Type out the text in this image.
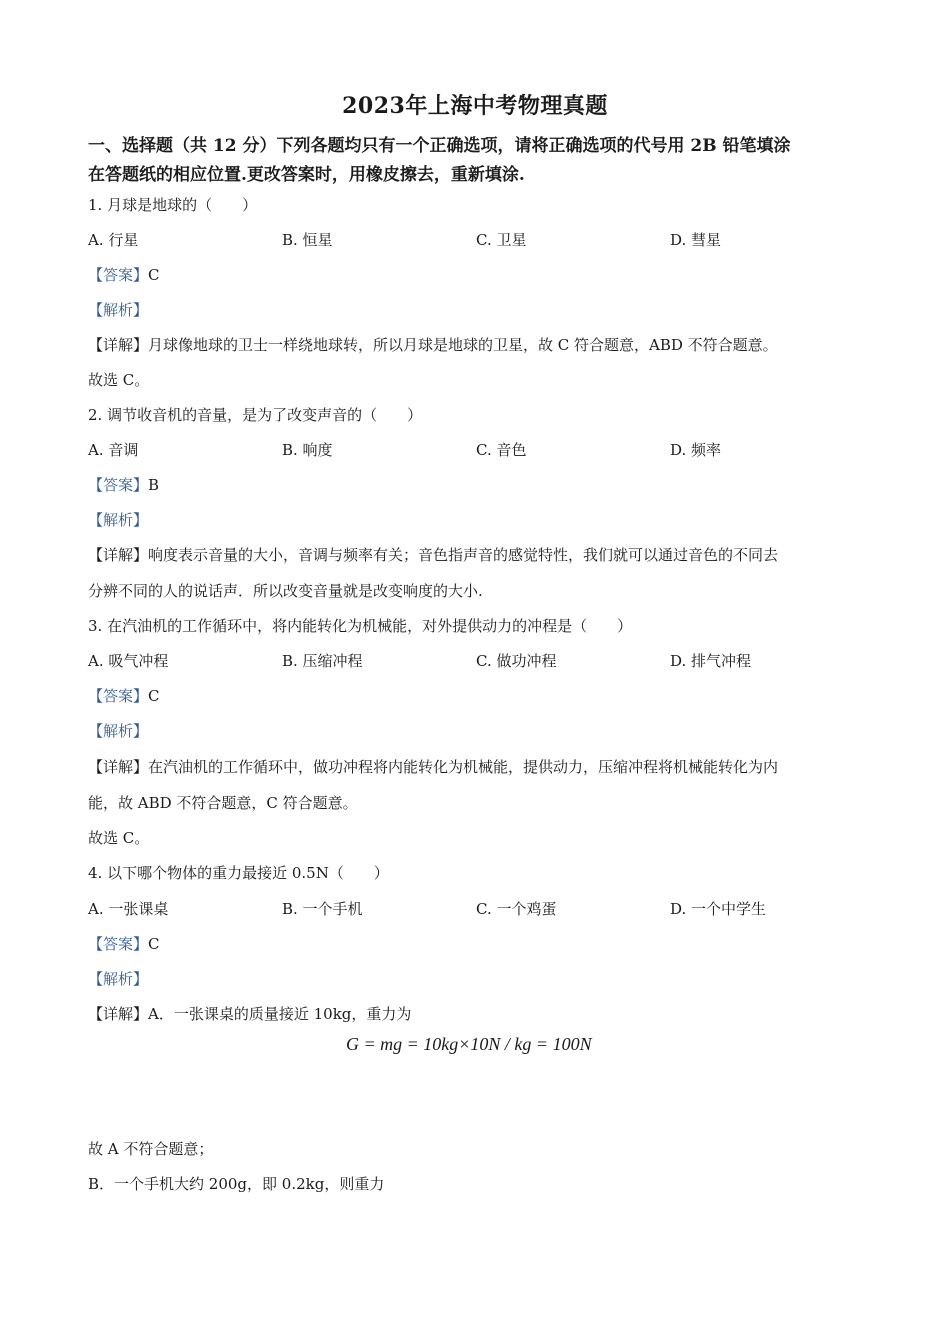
2023年上海中考物理真题
一、选择题（共 12 分）下列各题均只有一个正确选项，请将正确选项的代号用 2B 铅笔填涂
在答题纸的相应位置.更改答案时，用橡皮擦去，重新填涂.
1. 月球是地球的（　　）
A. 行星	B. 恒星	C. 卫星	D. 彗星
【答案】C
【解析】
【详解】月球像地球的卫士一样绕地球转，所以月球是地球的卫星，故 C 符合题意，ABD 不符合题意。
故选 C。
2. 调节收音机的音量，是为了改变声音的（　　）
A. 音调	B. 响度	C. 音色	D. 频率
【答案】B
【解析】
【详解】响度表示音量的大小，音调与频率有关；音色指声音的感觉特性，我们就可以通过音色的不同去
分辨不同的人的说话声．所以改变音量就是改变响度的大小.
3. 在汽油机的工作循环中，将内能转化为机械能，对外提供动力的冲程是（　　）
A. 吸气冲程	B. 压缩冲程	C. 做功冲程	D. 排气冲程
【答案】C
【解析】
【详解】在汽油机的工作循环中，做功冲程将内能转化为机械能，提供动力，压缩冲程将机械能转化为内
能，故 ABD 不符合题意，C 符合题意。
故选 C。
4. 以下哪个物体的重力最接近 0.5N（　　）
A. 一张课桌	B. 一个手机	C. 一个鸡蛋	D. 一个中学生
【答案】C
【解析】
【详解】A．一张课桌的质量接近 10kg，重力为
G = mg = 10kg×10N / kg = 100N
故 A 不符合题意；
B．一个手机大约 200g，即 0.2kg，则重力
